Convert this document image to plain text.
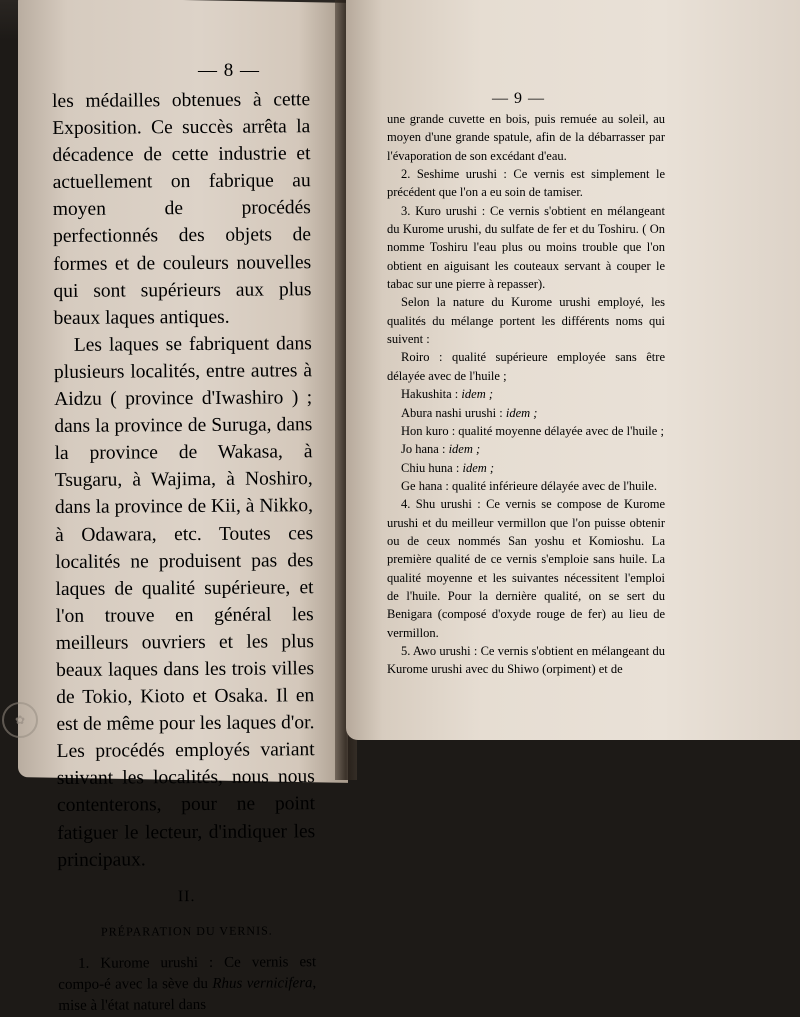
— 8 —

les médailles obtenues à cette Exposition. Ce succès arrêta la décadence de cette industrie et actuellement on fabrique au moyen de procédés perfectionnés des objets de formes et de couleurs nouvelles qui sont supérieurs aux plus beaux laques antiques.

Les laques se fabriquent dans plusieurs localités, entre autres à Aidzu ( province d'Iwashiro ) ; dans la province de Suruga, dans la province de Wakasa, à Tsugaru, à Wajima, à Noshiro, dans la province de Kii, à Nikko, à Odawara, etc. Toutes ces localités ne produisent pas des laques de qualité supérieure, et l'on trouve en général les meilleurs ouvriers et les plus beaux laques dans les trois villes de Tokio, Kioto et Osaka. Il en est de même pour les laques d'or. Les procédés employés variant suivant les localités, nous nous contenterons, pour ne point fatiguer le lecteur, d'indiquer les principaux.

II.
PRÉPARATION DU VERNIS.

1. Kurome urushi : Ce vernis est compo-é avec la sève du Rhus vernicifera, mise à l'état naturel dans

— 9 —

une grande cuvette en bois, puis remuée au soleil, au moyen d'une grande spatule, afin de la débarrasser par l'évaporation de son excédant d'eau.

2. Seshime urushi : Ce vernis est simplement le précédent que l'on a eu soin de tamiser.

3. Kuro urushi : Ce vernis s'obtient en mélangeant du Kurome urushi, du sulfate de fer et du Toshiru. ( On nomme Toshiru l'eau plus ou moins trouble que l'on obtient en aiguisant les couteaux servant à couper le tabac sur une pierre à repasser).

Selon la nature du Kurome urushi employé, les qualités du mélange portent les différents noms qui suivent :

Roiro : qualité supérieure employée sans être délayée avec de l'huile ;

Hakushita : idem ;

Abura nashi urushi : idem ;

Hon kuro : qualité moyenne délayée avec de l'huile ;

Jo hana : idem ;

Chiu huna : idem ;

Ge hana : qualité inférieure délayée avec de l'huile.

4. Shu urushi : Ce vernis se compose de Kurome urushi et du meilleur vermillon que l'on puisse obtenir ou de ceux nommés San yoshu et Komioshu. La première qualité de ce vernis s'emploie sans huile. La qualité moyenne et les suivantes nécessitent l'emploi de l'huile. Pour la dernière qualité, on se sert du Benigara (composé d'oxyde rouge de fer) au lieu de vermillon.

5. Awo urushi : Ce vernis s'obtient en mélangeant du Kurome urushi avec du Shiwo (orpiment) et de

✿
